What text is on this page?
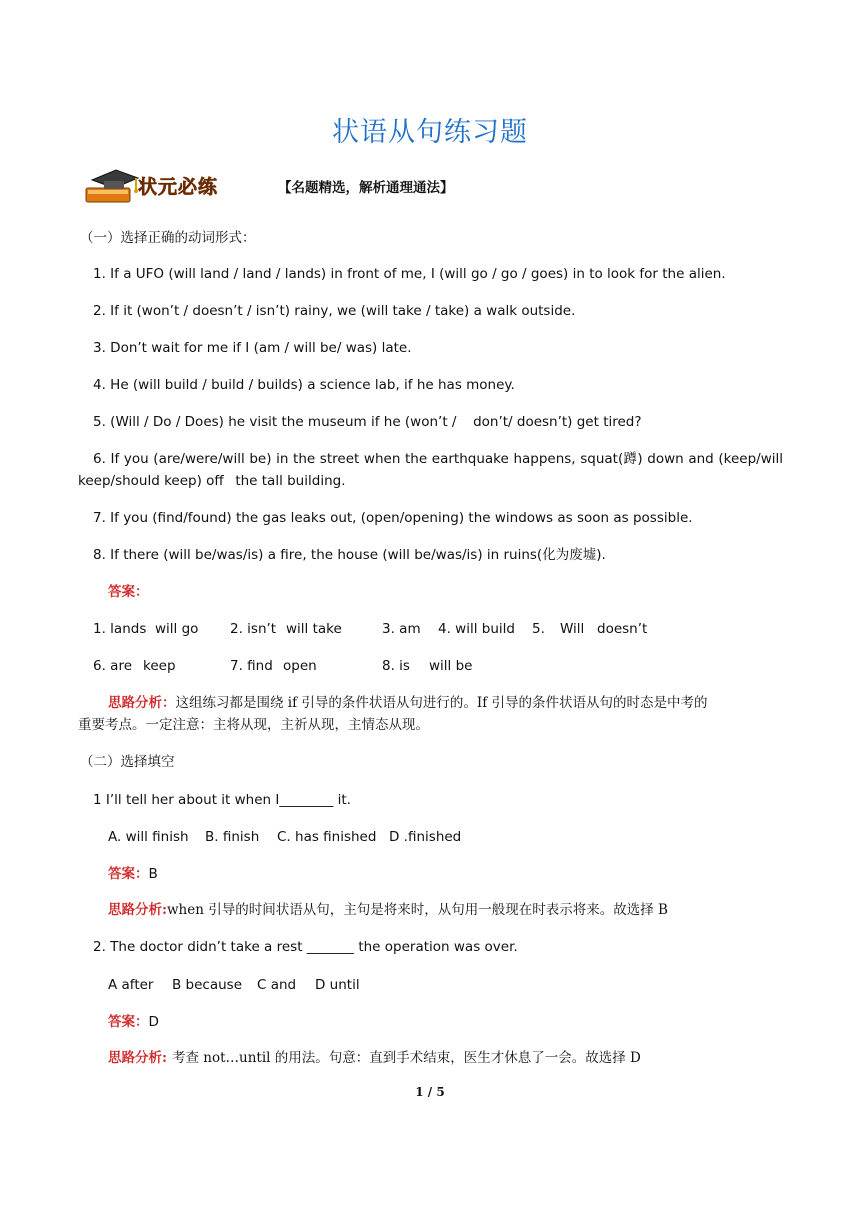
状语从句练习题
状元必练	【名题精选，解析通理通法】
（一）选择正确的动词形式：
1. If a UFO (will land / land / lands) in front of me, I (will go / go / goes) in to look for the alien.
2. If it (won’t / doesn’t / isn’t) rainy, we (will take / take) a walk outside.
3. Don’t wait for me if I (am / will be/ was) late.
4. He (will build / build / builds) a science lab, if he has money.
5. (Will / Do / Does) he visit the museum if he (won’t / don’t/ doesn’t) get tired?
6. If you (are/were/will be) in the street when the earthquake happens, squat(蹲) down and (keep/will
keep/should keep) off the tall building.
7. If you (find/found) the gas leaks out, (open/opening) the windows as soon as possible.
8. If there (will be/was/is) a fire, the house (will be/was/is) in ruins(化为废墟).
答案：
1. lands will go 2. isn’t will take	3. am 4. will build 5. Will doesn’t
6. are keep	7. find open	8. is will be
思路分析：这组练习都是围绕 if 引导的条件状语从句进行的。If 引导的条件状语从句的时态是中考的
重要考点。一定注意：主将从现，主祈从现，主情态从现。
（二）选择填空
1 I’ll tell her about it when I________ it.
A. will finish B. finish C. has finished D .finished
答案：B
思路分析:when 引导的时间状语从句，主句是将来时，从句用一般现在时表示将来。故选择 B
2. The doctor didn’t take a rest _______ the operation was over.
A after B because C and D until
答案：D
思路分析: 考查 not…until 的用法。句意：直到手术结束，医生才休息了一会。故选择 D
1 / 5
